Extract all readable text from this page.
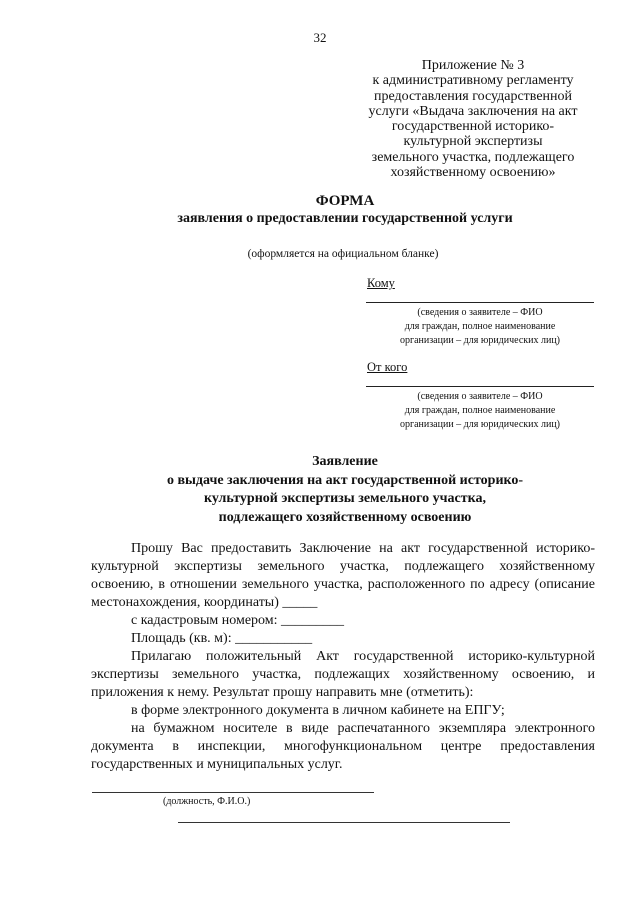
32
Приложение № 3
к административному регламенту
предоставления государственной
услуги «Выдача заключения на акт
государственной историко-
культурной экспертизы
земельного участка, подлежащего
хозяйственному освоению»
ФОРМА
заявления о предоставлении государственной услуги
(оформляется на официальном бланке)
Кому
(сведения о заявителе – ФИО
для граждан, полное наименование
организации – для юридических лиц)
От кого
(сведения о заявителе – ФИО
для граждан, полное наименование
организации – для юридических лиц)
Заявление
о выдаче заключения на акт государственной историко-
культурной экспертизы земельного участка,
подлежащего хозяйственному освоению
Прошу Вас предоставить Заключение на акт государственной историко-культурной экспертизы земельного участка, подлежащего хозяйственному освоению, в отношении земельного участка, расположенного по адресу (описание местонахождения, координаты) _____
с кадастровым номером: _________
Площадь (кв. м): ___________
Прилагаю положительный Акт государственной историко-культурной экспертизы земельного участка, подлежащих хозяйственному освоению, и приложения к нему. Результат прошу направить мне (отметить):
в форме электронного документа в личном кабинете на ЕПГУ;
на бумажном носителе в виде распечатанного экземпляра электронного документа в инспекции, многофункциональном центре предоставления государственных и муниципальных услуг.
(должность, Ф.И.О.)
